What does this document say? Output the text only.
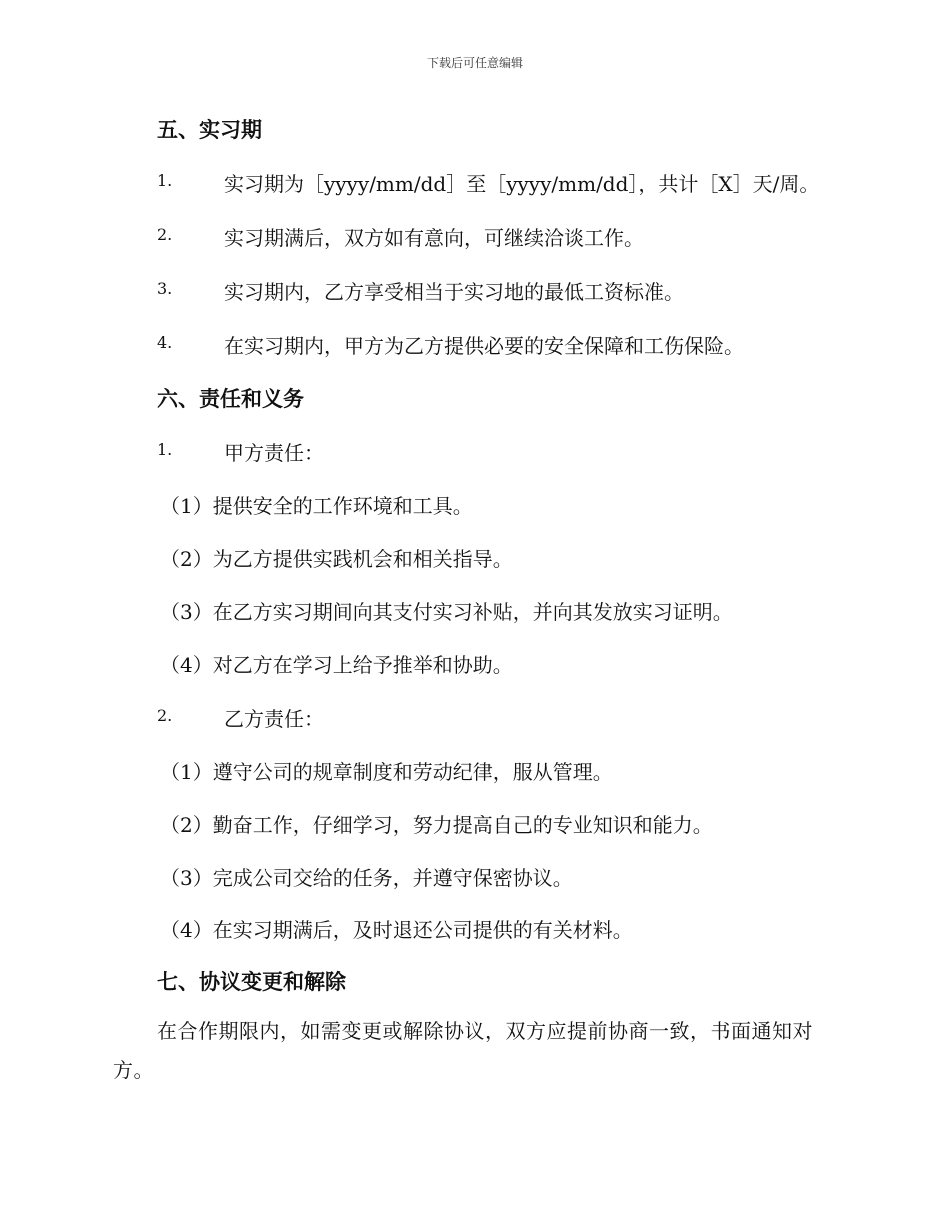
下载后可任意编辑
五、实习期
1.	实习期为［yyyy/mm/dd］至［yyyy/mm/dd］，共计［X］天/周。
2.	实习期满后，双方如有意向，可继续洽谈工作。
3.	实习期内，乙方享受相当于实习地的最低工资标准。
4.	在实习期内，甲方为乙方提供必要的安全保障和工伤保险。
六、责任和义务
1.	甲方责任：
（1）提供安全的工作环境和工具。
（2）为乙方提供实践机会和相关指导。
（3）在乙方实习期间向其支付实习补贴，并向其发放实习证明。
（4）对乙方在学习上给予推举和协助。
2.	乙方责任：
（1）遵守公司的规章制度和劳动纪律，服从管理。
（2）勤奋工作，仔细学习，努力提高自己的专业知识和能力。
（3）完成公司交给的任务，并遵守保密协议。
（4）在实习期满后，及时退还公司提供的有关材料。
七、协议变更和解除
在合作期限内，如需变更或解除协议，双方应提前协商一致，书面通知对方。
